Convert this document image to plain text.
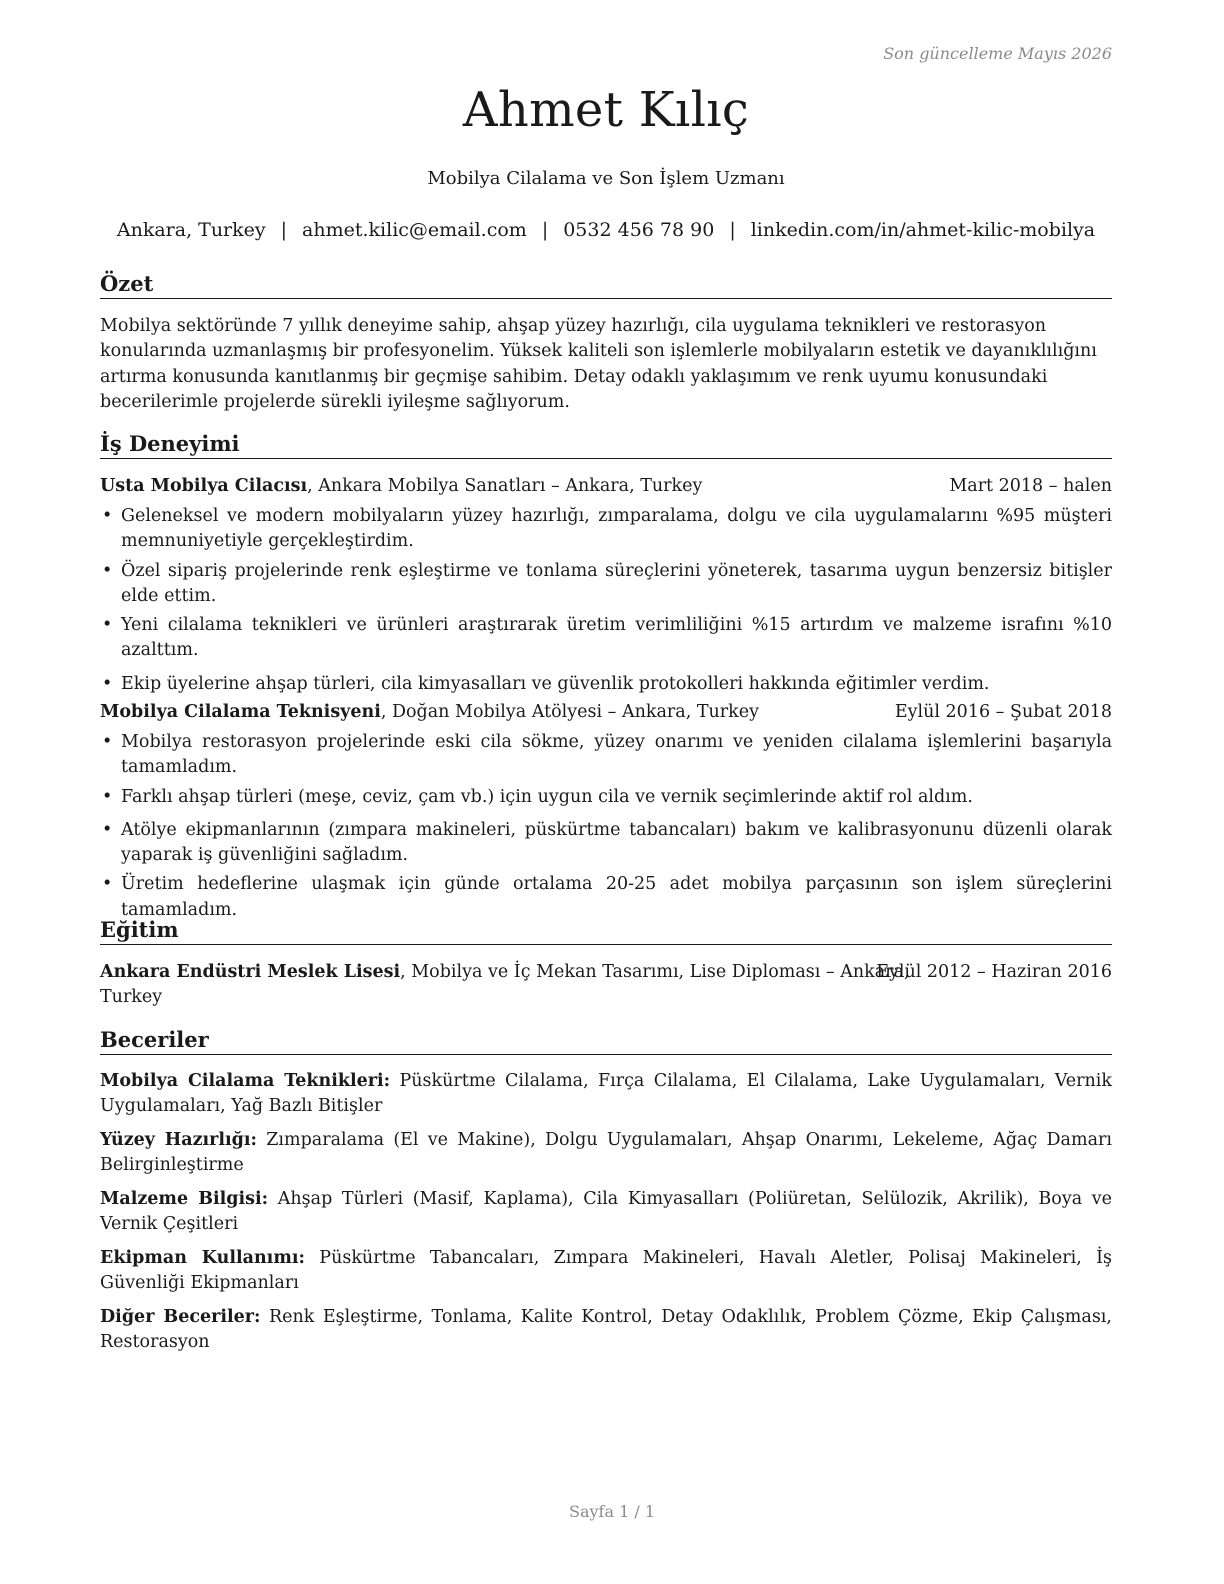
Son güncelleme Mayıs 2026
Ahmet Kılıç
Mobilya Cilalama ve Son İşlem Uzmanı
Ankara, Turkey | ahmet.kilic@email.com | 0532 456 78 90 | linkedin.com/in/ahmet-kilic-mobilya
Özet
Mobilya sektöründe 7 yıllık deneyime sahip, ahşap yüzey hazırlığı, cila uygulama teknikleri ve restorasyon konularında uzmanlaşmış bir profesyonelim. Yüksek kaliteli son işlemlerle mobilyaların estetik ve dayanıklılığını artırma konusunda kanıtlanmış bir geçmişe sahibim. Detay odaklı yaklaşımım ve renk uyumu konusundaki becerilerimle projelerde sürekli iyileşme sağlıyorum.
İş Deneyimi
Usta Mobilya Cilacısı, Ankara Mobilya Sanatları – Ankara, Turkey	Mart 2018 – halen
• Geleneksel ve modern mobilyaların yüzey hazırlığı, zımparalama, dolgu ve cila uygulamalarını %95 müşteri memnuniyetiyle gerçekleştirdim.
• Özel sipariş projelerinde renk eşleştirme ve tonlama süreçlerini yöneterek, tasarıma uygun benzersiz bitişler elde ettim.
• Yeni cilalama teknikleri ve ürünleri araştırarak üretim verimliliğini %15 artırdım ve malzeme israfını %10 azalttım.
• Ekip üyelerine ahşap türleri, cila kimyasalları ve güvenlik protokolleri hakkında eğitimler verdim.
Mobilya Cilalama Teknisyeni, Doğan Mobilya Atölyesi – Ankara, Turkey	Eylül 2016 – Şubat 2018
• Mobilya restorasyon projelerinde eski cila sökme, yüzey onarımı ve yeniden cilalama işlemlerini başarıyla tamamladım.
• Farklı ahşap türleri (meşe, ceviz, çam vb.) için uygun cila ve vernik seçimlerinde aktif rol aldım.
• Atölye ekipmanlarının (zımpara makineleri, püskürtme tabancaları) bakım ve kalibrasyonunu düzenli olarak yaparak iş güvenliğini sağladım.
• Üretim hedeflerine ulaşmak için günde ortalama 20-25 adet mobilya parçasının son işlem süreçlerini tamamladım.
Eğitim
Ankara Endüstri Meslek Lisesi, Mobilya ve İç Mekan Tasarımı, Lise Diploması – Ankara,
Eylül 2012 – Haziran 2016
Turkey
Beceriler
Mobilya Cilalama Teknikleri: Püskürtme Cilalama, Fırça Cilalama, El Cilalama, Lake Uygulamaları, Vernik Uygulamaları, Yağ Bazlı Bitişler
Yüzey Hazırlığı: Zımparalama (El ve Makine), Dolgu Uygulamaları, Ahşap Onarımı, Lekeleme, Ağaç Damarı Belirginleştirme
Malzeme Bilgisi: Ahşap Türleri (Masif, Kaplama), Cila Kimyasalları (Poliüretan, Selülozik, Akrilik), Boya ve Vernik Çeşitleri
Ekipman Kullanımı: Püskürtme Tabancaları, Zımpara Makineleri, Havalı Aletler, Polisaj Makineleri, İş Güvenliği Ekipmanları
Diğer Beceriler: Renk Eşleştirme, Tonlama, Kalite Kontrol, Detay Odaklılık, Problem Çözme, Ekip Çalışması, Restorasyon
Sayfa 1 / 1
